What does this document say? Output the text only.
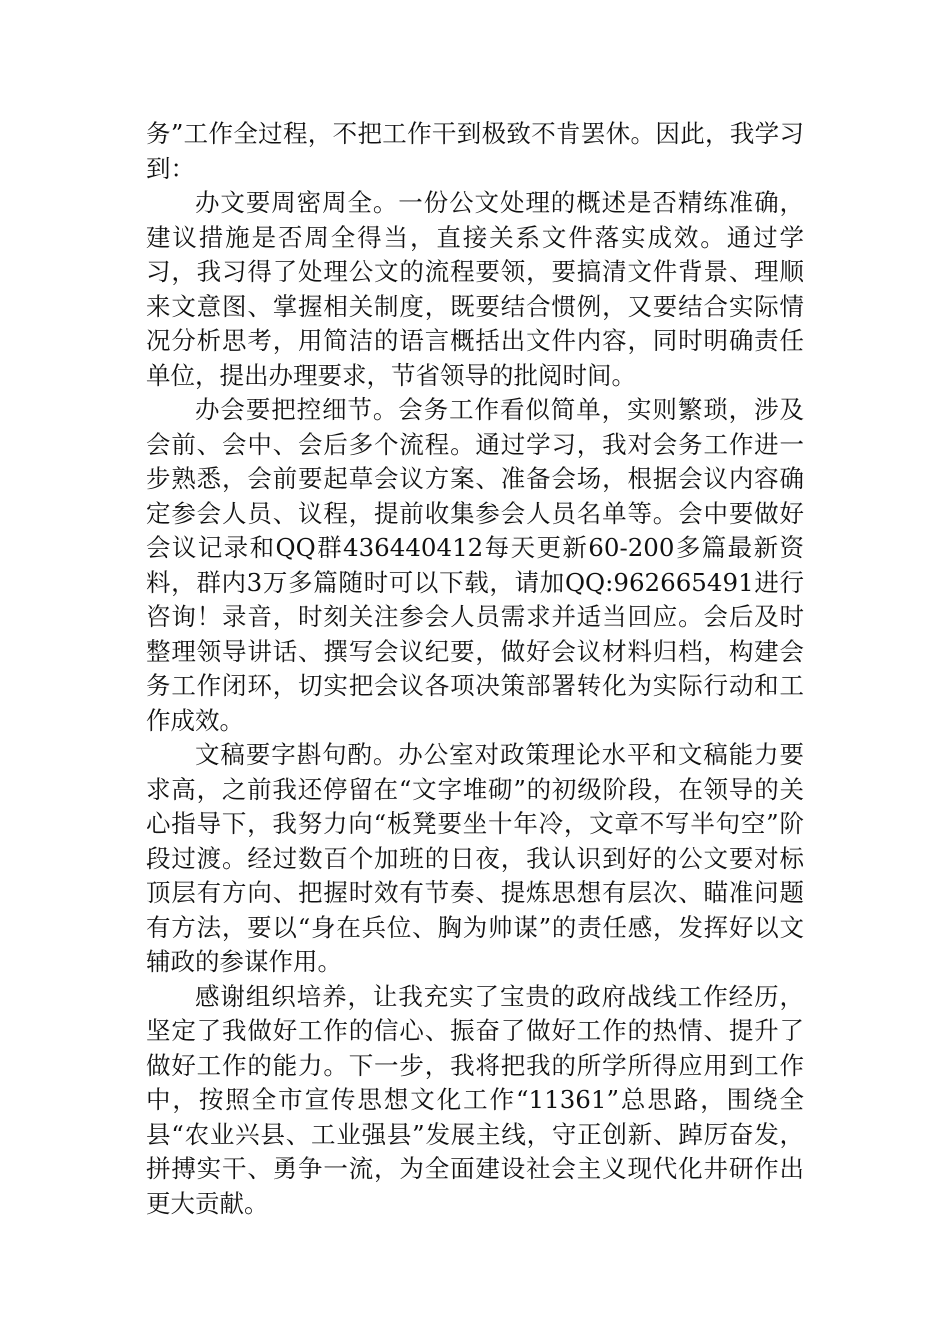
务”工作全过程，不把工作干到极致不肯罢休。因此，我学习到：

办文要周密周全。一份公文处理的概述是否精练准确，建议措施是否周全得当，直接关系文件落实成效。通过学习，我习得了处理公文的流程要领，要搞清文件背景、理顺来文意图、掌握相关制度，既要结合惯例，又要结合实际情况分析思考，用简洁的语言概括出文件内容，同时明确责任单位，提出办理要求，节省领导的批阅时间。

办会要把控细节。会务工作看似简单，实则繁琐，涉及会前、会中、会后多个流程。通过学习，我对会务工作进一步熟悉，会前要起草会议方案、准备会场，根据会议内容确定参会人员、议程，提前收集参会人员名单等。会中要做好会议记录和QQ群436440412每天更新60-200多篇最新资料，群内3万多篇随时可以下载，请加QQ:962665491进行咨询！录音，时刻关注参会人员需求并适当回应。会后及时整理领导讲话、撰写会议纪要，做好会议材料归档，构建会务工作闭环，切实把会议各项决策部署转化为实际行动和工作成效。

文稿要字斟句酌。办公室对政策理论水平和文稿能力要求高，之前我还停留在“文字堆砌”的初级阶段，在领导的关心指导下，我努力向“板凳要坐十年冷，文章不写半句空”阶段过渡。经过数百个加班的日夜，我认识到好的公文要对标顶层有方向、把握时效有节奏、提炼思想有层次、瞄准问题有方法，要以“身在兵位、胸为帅谋”的责任感，发挥好以文辅政的参谋作用。

感谢组织培养，让我充实了宝贵的政府战线工作经历，坚定了我做好工作的信心、振奋了做好工作的热情、提升了做好工作的能力。下一步，我将把我的所学所得应用到工作中，按照全市宣传思想文化工作“11361”总思路，围绕全县“农业兴县、工业强县”发展主线，守正创新、踔厉奋发，拼搏实干、勇争一流，为全面建设社会主义现代化井研作出更大贡献。
